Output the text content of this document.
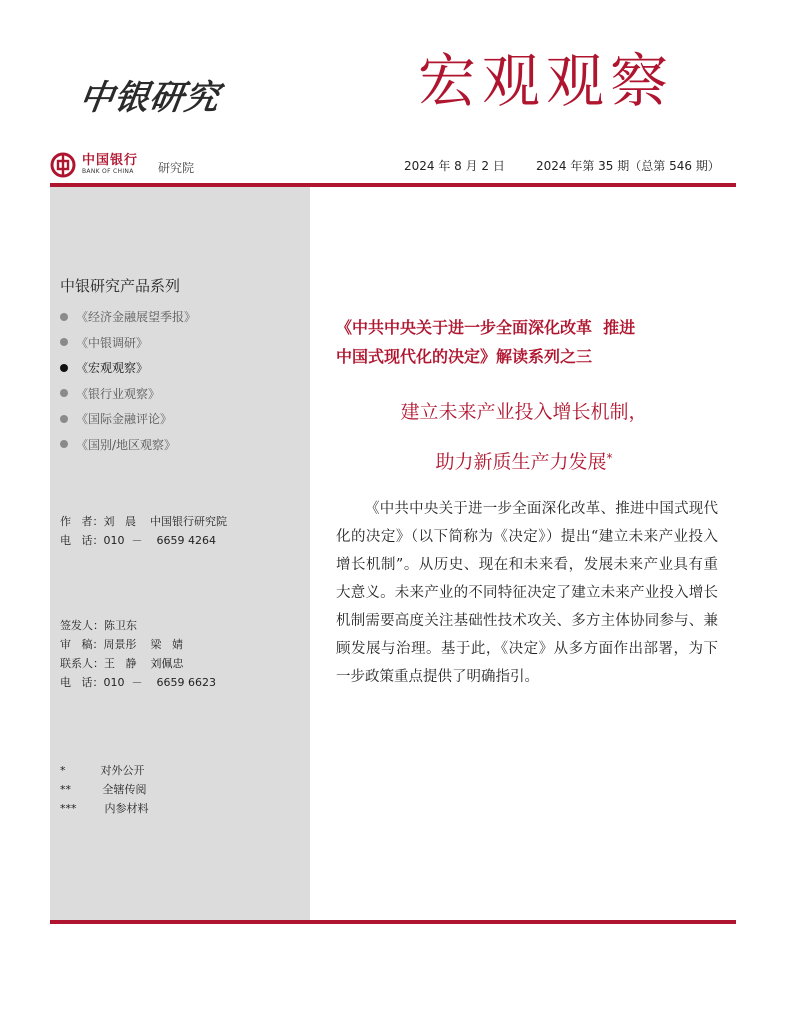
中银研究	宏观观察
中国银行
BANK OF CHINA	研究院	2024 年 8 月 2 日	2024 年第 35 期（总第 546 期）
中银研究产品系列
《经济金融展望季报》
《中银调研》
《宏观观察》
《银行业观察》
《国际金融评论》
《国别/地区观察》
作   者：刘   晨    中国银行研究院
电   话：010  －    6659 4264
签发人：陈卫东
审   稿：周景彤    梁   婧
联系人：王   静    刘佩忠
电   话：010  －    6659 6623
*          对外公开
**         全辖传阅
***        内参材料
《中共中央关于进一步全面深化改革  推进
中国式现代化的决定》解读系列之三
建立未来产业投入增长机制，
助力新质生产力发展*

《中共中央关于进一步全面深化改革、推进中国式现代化的决定》（以下简称为《决定》）提出“建立未来产业投入增长机制”。从历史、现在和未来看，发展未来产业具有重大意义。未来产业的不同特征决定了建立未来产业投入增长机制需要高度关注基础性技术攻关、多方主体协同参与、兼顾发展与治理。基于此，《决定》从多方面作出部署，为下一步政策重点提供了明确指引。
